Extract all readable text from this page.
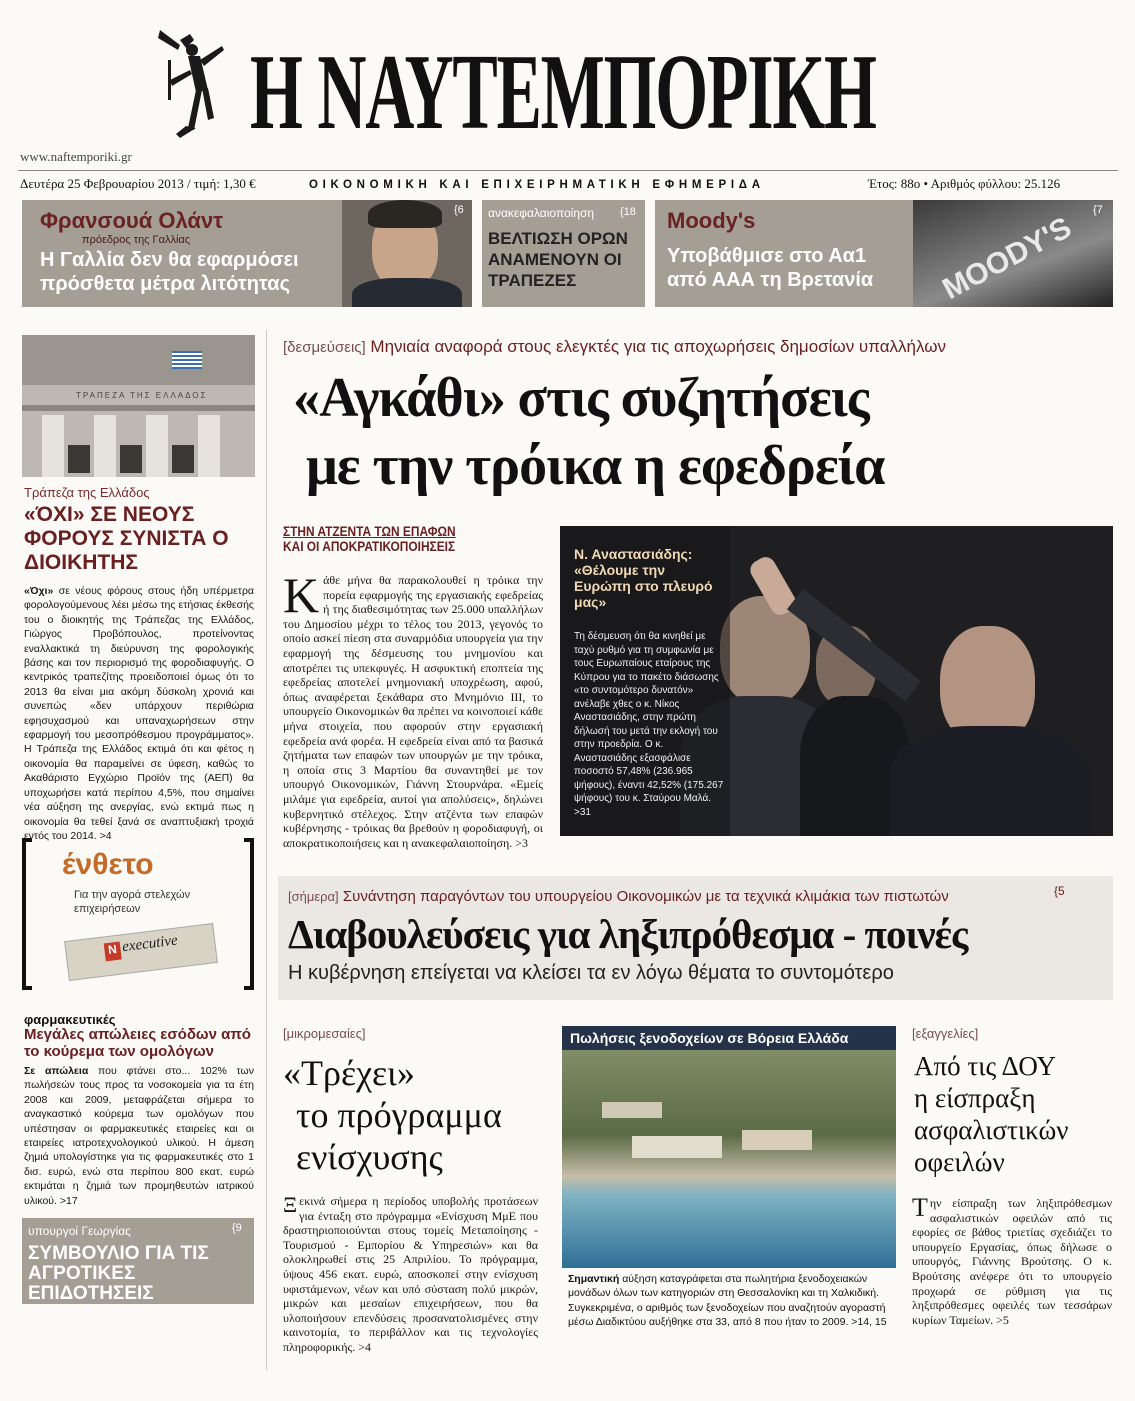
Η ΝΑΥΤΕΜΠΟΡΙΚΗ
www.naftemporiki.gr
Δευτέρα 25 Φεβρουαρίου 2013 / τιμή: 1,30 €	ΟΙΚΟΝΟΜΙΚΗ ΚΑΙ ΕΠΙΧΕΙΡΗΜΑΤΙΚΗ ΕΦΗΜΕΡΙΔΑ	Έτος: 88ο • Αριθμός φύλλου: 25.126
Φρανσουά Ολάντ
πρόεδρος της Γαλλίας
Η Γαλλία δεν θα εφαρμόσει πρόσθετα μέτρα λιτότητας
{6 ανακεφαλαιοποίηση {18
ΒΕΛΤΙΩΣΗ ΟΡΩΝ ΑΝΑΜΕΝΟΥΝ ΟΙ ΤΡΑΠΕΖΕΣ
Moody's
Υποβάθμισε στο Αα1 από ΑΑΑ τη Βρετανία	MOODY'S
{7
ΤΡΑΠΕΖΑ ΤΗΣ ΕΛΛΑΔΟΣ
Τράπεζα της Ελλάδος
«ΌΧΙ» ΣΕ ΝΕΟΥΣ ΦΟΡΟΥΣ ΣΥΝΙΣΤΑ Ο ΔΙΟΙΚΗΤΗΣ
«Όχι» σε νέους φόρους στους ήδη υπέρμετρα φορολογούμενους λέει μέσω της ετήσιας έκθεσής του ο διοικητής της Τράπεζας της Ελλάδος, Γιώργος Προβόπουλος, προτείνοντας εναλλακτικά τη διεύρυνση της φορολογικής βάσης και τον περιορισμό της φοροδιαφυγής. Ο κεντρικός τραπεζίτης προειδοποιεί όμως ότι το 2013 θα είναι μια ακόμη δύσκολη χρονιά και συνεπώς «δεν υπάρχουν περιθώρια εφησυχασμού και υπαναχωρήσεων στην εφαρμογή του μεσοπρόθεσμου προγράμματος». Η Τράπεζα της Ελλάδος εκτιμά ότι και φέτος η οικονομία θα παραμείνει σε ύφεση, καθώς το Ακαθάριστο Εγχώριο Προϊόν της (ΑΕΠ) θα υποχωρήσει κατά περίπου 4,5%, που σημαίνει νέα αύξηση της ανεργίας, ενώ εκτιμά πως η οικονομία θα τεθεί ξανά σε αναπτυξιακή τροχιά εντός του 2014. >4
ένθετο
Για την αγορά στελεχών επιχειρήσεων
N executive
φαρμακευτικές
Μεγάλες απώλειες εσόδων από το κούρεμα των ομολόγων
Σε απώλεια που φτάνει στο... 102% των πωλήσεών τους προς τα νοσοκομεία για τα έτη 2008 και 2009, μεταφράζεται σήμερα το αναγκαστικό κούρεμα των ομολόγων που υπέστησαν οι φαρμακευτικές εταιρείες και οι εταιρείες ιατροτεχνολογικού υλικού. Η άμεση ζημιά υπολογίστηκε για τις φαρμακευτικές στο 1 δισ. ευρώ, ενώ στα περίπου 800 εκατ. ευρώ εκτιμάται η ζημιά των προμηθευτών ιατρικού υλικού. >17
υπουργοί Γεωργίας	{9
ΣΥΜΒΟΥΛΙΟ ΓΙΑ ΤΙΣ ΑΓΡΟΤΙΚΕΣ ΕΠΙΔΟΤΗΣΕΙΣ
[δεσμεύσεις] Μηνιαία αναφορά στους ελεγκτές για τις αποχωρήσεις δημοσίων υπαλλήλων
«Αγκάθι» στις συζητήσεις
με την τρόικα η εφεδρεία
ΣΤΗΝ ΑΤΖΕΝΤΑ ΤΩΝ ΕΠΑΦΩΝ
ΚΑΙ ΟΙ ΑΠΟΚΡΑΤΙΚΟΠΟΙΗΣΕΙΣ
Κάθε μήνα θα παρακολουθεί η τρόικα την πορεία εφαρμογής της εργασιακής εφεδρείας ή της διαθεσιμότητας των 25.000 υπαλλήλων του Δημοσίου μέχρι το τέλος του 2013, γεγονός το οποίο ασκεί πίεση στα συναρμόδια υπουργεία για την εφαρμογή της δέσμευσης του μνημονίου και αποτρέπει τις υπεκφυγές. Η ασφυκτική εποπτεία της εφεδρείας αποτελεί μνημονιακή υποχρέωση, αφού, όπως αναφέρεται ξεκάθαρα στο Μνημόνιο ΙΙΙ, το υπουργείο Οικονομικών θα πρέπει να κοινοποιεί κάθε μήνα στοιχεία, που αφορούν στην εργασιακή εφεδρεία ανά φορέα. Η εφεδρεία είναι από τα βασικά ζητήματα των επαφών των υπουργών με την τρόικα, η οποία στις 3 Μαρτίου θα συναντηθεί με τον υπουργό Οικονομικών, Γιάννη Στουρνάρα. «Εμείς μιλάμε για εφεδρεία, αυτοί για απολύσεις», δηλώνει κυβερνητικό στέλεχος. Στην ατζέντα των επαφών κυβέρνησης - τρόικας θα βρεθούν η φοροδιαφυγή, οι αποκρατικοποιήσεις και η ανακεφαλαιοποίηση. >3
Ν. Αναστασιάδης: «Θέλουμε την Ευρώπη στο πλευρό μας»
Τη δέσμευση ότι θα κινηθεί με ταχύ ρυθμό για τη συμφωνία με τους Ευρωπαίους εταίρους της Κύπρου για το πακέτο διάσωσης «το συντομότερο δυνατόν» ανέλαβε χθες ο κ. Νίκος Αναστασιάδης, στην πρώτη δήλωσή του μετά την εκλογή του στην προεδρία. Ο κ. Αναστασιάδης εξασφάλισε ποσοστό 57,48% (236.965 ψήφους), έναντι 42,52% (175.267 ψήφους) του κ. Σταύρου Μαλά. >31
[σήμερα] Συνάντηση παραγόντων του υπουργείου Οικονομικών με τα τεχνικά κλιμάκια των πιστωτών	{5
Διαβουλεύσεις για ληξιπρόθεσμα - ποινές
Η κυβέρνηση επείγεται να κλείσει τα εν λόγω θέματα το συντομότερο
[μικρομεσαίες]
«Τρέχει»
το πρόγραμμα
ενίσχυσης
Ξεκινά σήμερα η περίοδος υποβολής προτάσεων για ένταξη στο πρόγραμμα «Ενίσχυση ΜμΕ που δραστηριοποιούνται στους τομείς Μεταποίησης - Τουρισμού - Εμπορίου & Υπηρεσιών» και θα ολοκληρωθεί στις 25 Απριλίου. Το πρόγραμμα, ύψους 456 εκατ. ευρώ, αποσκοπεί στην ενίσχυση υφιστάμενων, νέων και υπό σύσταση πολύ μικρών, μικρών και μεσαίων επιχειρήσεων, που θα υλοποιήσουν επενδύσεις προσανατολισμένες στην καινοτομία, το περιβάλλον και τις τεχνολογίες πληροφορικής. >4
Πωλήσεις ξενοδοχείων σε Βόρεια Ελλάδα
Σημαντική αύξηση καταγράφεται στα πωλητήρια ξενοδοχειακών μονάδων όλων των κατηγοριών στη Θεσσαλονίκη και τη Χαλκιδική. Συγκεκριμένα, ο αριθμός των ξενοδοχείων που αναζητούν αγοραστή μέσω Διαδικτύου αυξήθηκε στα 33, από 8 που ήταν το 2009. >14, 15
[εξαγγελίες]
Από τις ΔΟΥ
η είσπραξη
ασφαλιστικών
οφειλών
Την είσπραξη των ληξιπρόθεσμων ασφαλιστικών οφειλών από τις εφορίες σε βάθος τριετίας σχεδιάζει το υπουργείο Εργασίας, όπως δήλωσε ο υπουργός, Γιάννης Βρούτσης. Ο κ. Βρούτσης ανέφερε ότι το υπουργείο προχωρά σε ρύθμιση για τις ληξιπρόθεσμες οφειλές των τεσσάρων κυρίων Ταμείων. >5
